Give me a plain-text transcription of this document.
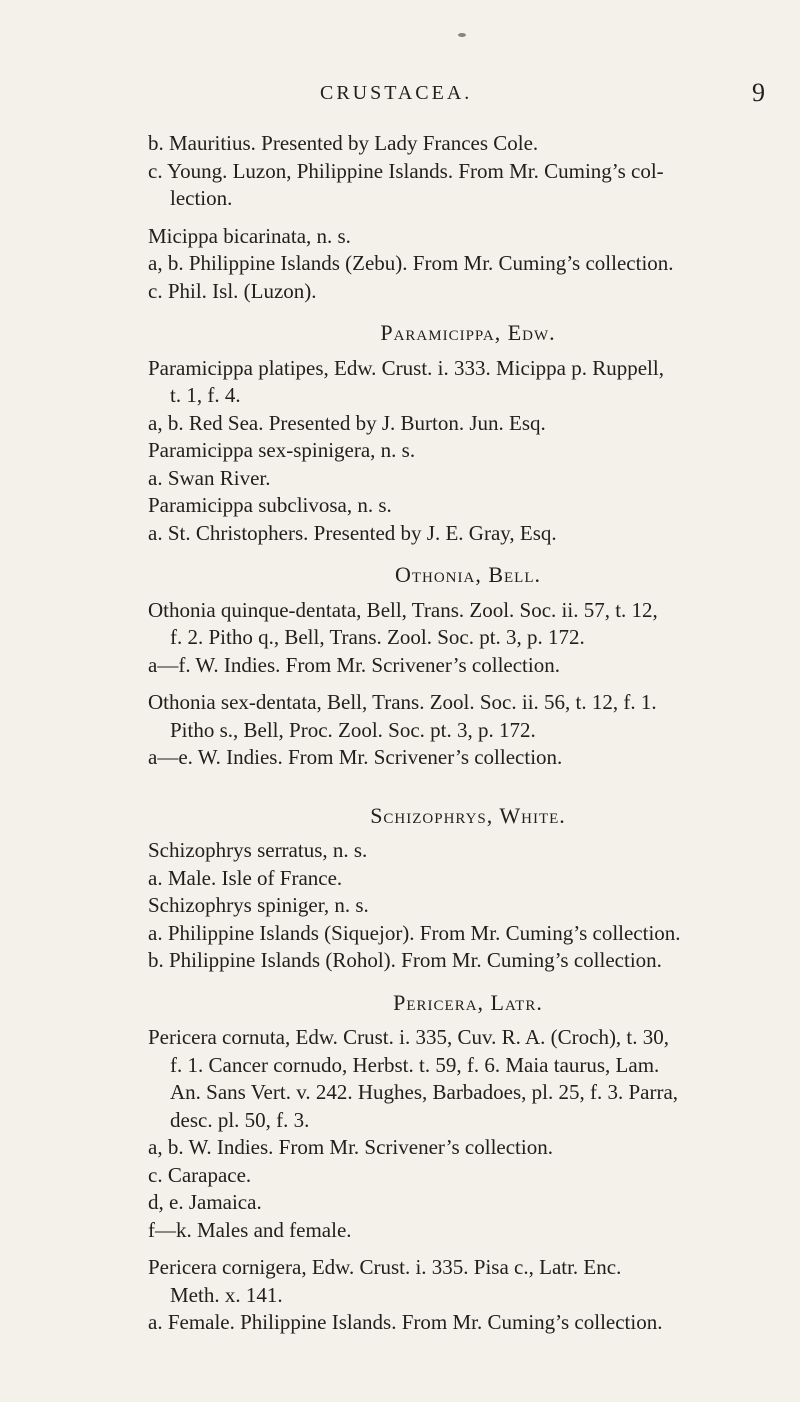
CRUSTACEA.	9
b. Mauritius. Presented by Lady Frances Cole.
c. Young. Luzon, Philippine Islands. From Mr. Cuming’s col-
lection.
Micippa bicarinata, n. s.
a, b. Philippine Islands (Zebu). From Mr. Cuming’s collection.
c. Phil. Isl. (Luzon).
Paramicippa, Edw.
Paramicippa platipes, Edw. Crust. i. 333. Micippa p. Ruppell,
t. 1, f. 4.
a, b. Red Sea. Presented by J. Burton. Jun. Esq.
Paramicippa sex-spinigera, n. s.
a. Swan River.
Paramicippa subclivosa, n. s.
a. St. Christophers. Presented by J. E. Gray, Esq.
Othonia, Bell.
Othonia quinque-dentata, Bell, Trans. Zool. Soc. ii. 57, t. 12,
f. 2. Pitho q., Bell, Trans. Zool. Soc. pt. 3, p. 172.
a—f. W. Indies. From Mr. Scrivener’s collection.
Othonia sex-dentata, Bell, Trans. Zool. Soc. ii. 56, t. 12, f. 1.
Pitho s., Bell, Proc. Zool. Soc. pt. 3, p. 172.
a—e. W. Indies. From Mr. Scrivener’s collection.
Schizophrys, White.
Schizophrys serratus, n. s.
a. Male. Isle of France.
Schizophrys spiniger, n. s.
a. Philippine Islands (Siquejor). From Mr. Cuming’s collection.
b. Philippine Islands (Rohol). From Mr. Cuming’s collection.
Pericera, Latr.
Pericera cornuta, Edw. Crust. i. 335, Cuv. R. A. (Croch), t. 30,
f. 1. Cancer cornudo, Herbst. t. 59, f. 6. Maia taurus, Lam.
An. Sans Vert. v. 242. Hughes, Barbadoes, pl. 25, f. 3. Parra,
desc. pl. 50, f. 3.
a, b. W. Indies. From Mr. Scrivener’s collection.
c. Carapace.
d, e. Jamaica.
f—k. Males and female.
Pericera cornigera, Edw. Crust. i. 335. Pisa c., Latr. Enc.
Meth. x. 141.
a. Female. Philippine Islands. From Mr. Cuming’s collection.
